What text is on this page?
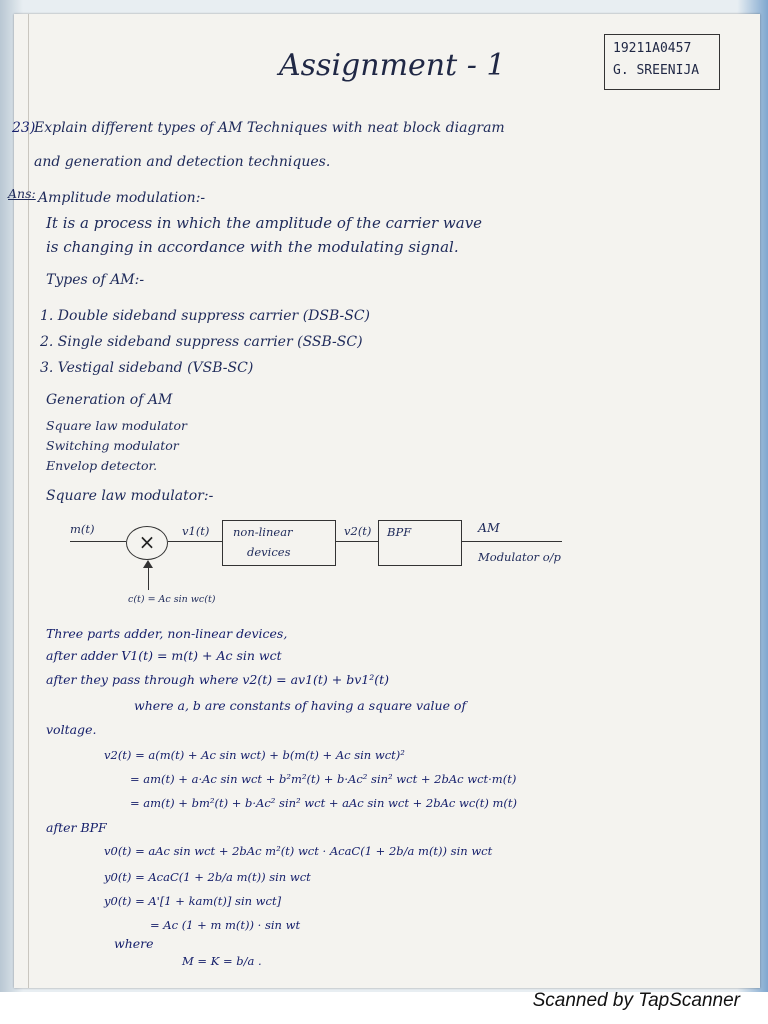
Assignment - 1	19211A0457
G. SREENIJA
23)
Explain different types of AM Techniques with neat block diagram
and generation and detection techniques.
Ans: Amplitude modulation:-
It is a process in which the amplitude of the carrier wave
is changing in accordance with the modulating signal.
Types of AM:-
1. Double sideband suppress carrier (DSB-SC)
2. Single sideband suppress carrier (SSB-SC)
3. Vestigal sideband (VSB-SC)
Generation of AM
Square law modulator
Switching modulator
Envelop detector.
Square law modulator:-
m(t)
×	v1(t) non-linear
devices
v2(t) BPF	AM
Modulator o/p
c(t) = Ac sin wc(t)
Three parts adder, non-linear devices,
after adder V1(t) = m(t) + Ac sin wct
after they pass through where v2(t) = av1(t) + bv1²(t)
where a, b are constants of having a square value of
voltage.
v2(t) = a(m(t) + Ac sin wct) + b(m(t) + Ac sin wct)²
= am(t) + a·Ac sin wct + b²m²(t) + b·Ac² sin² wct + 2bAc wct·m(t)
= am(t) + bm²(t) + b·Ac² sin² wct + aAc sin wct + 2bAc wc(t) m(t)
after BPF
v0(t) = aAc sin wct + 2bAc m²(t) wct · AcaC(1 + 2b/a m(t)) sin wct
y0(t) = AcaC(1 + 2b/a m(t)) sin wct
y0(t) = A'[1 + kam(t)] sin wct]
= Ac (1 + m m(t)) · sin wt
where
M = K = b/a .
Scanned by TapScanner
